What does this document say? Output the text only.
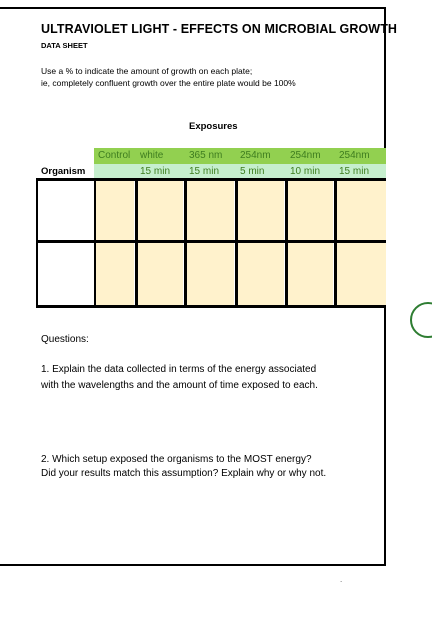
ULTRAVIOLET LIGHT - EFFECTS ON MICROBIAL GROWTH
DATA SHEET
Use a % to indicate the amount of growth on each plate;
ie, completely confluent growth over the entire plate would be 100%
Exposures
Control white
15 min
365 nm
15 min
254nm
5 min
254nm
10 min
254nm
15 min
Organism
Questions:
1. Explain the data collected in terms of the energy associated
with the wavelengths and the amount of time exposed to each.
2. Which setup exposed the organisms to the MOST energy?
Did your results match this assumption? Explain why or why not.
.
